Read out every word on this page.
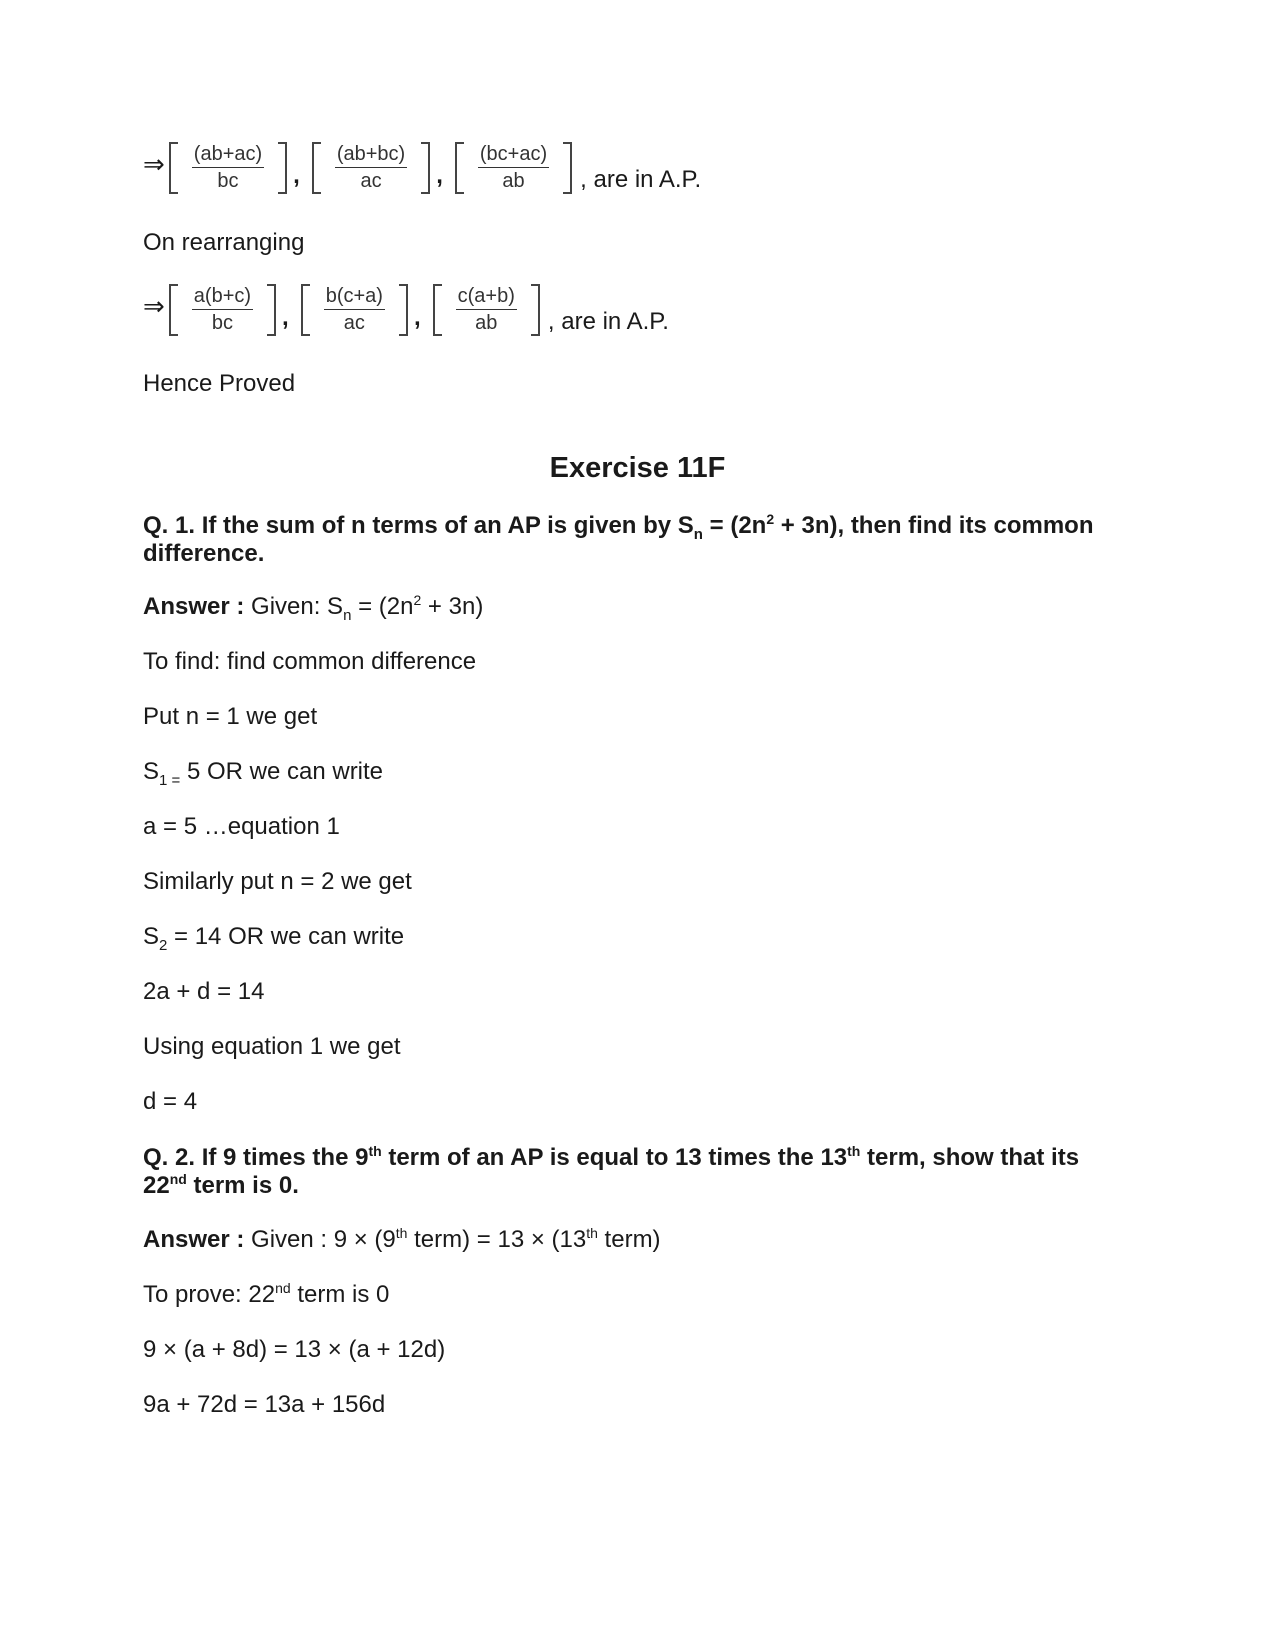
⇒ $\frac{(ab+ac)}{bc}$ , $\frac{(ab+bc)}{ac}$ , $\frac{(bc+ac)}{ab}$ , are in A.P.
On rearranging
⇒ $\frac{a(b+c)}{bc}$ , $\frac{b(c+a)}{ac}$ , $\frac{c(a+b)}{ab}$ , are in A.P.
Hence Proved
Exercise 11F
Q. 1. If the sum of n terms of an AP is given by $S_n = (2n^2 + 3n)$, then find its common difference.
Answer : Given: $S_n = (2n^2 + 3n)$
To find: find common difference
Put n = 1 we get
$S_{1 =}$ 5 OR we can write
a = 5 …equation 1
Similarly put n = 2 we get
$S_2 = 14$ OR we can write
2a + d = 14
Using equation 1 we get
d = 4
Q. 2. If 9 times the 9th term of an AP is equal to 13 times the 13th term, show that its 22nd term is 0.
Answer : Given : 9 × (9th term) = 13 × (13th term)
To prove: 22nd term is 0
9 × (a + 8d) = 13 × (a + 12d)
9a + 72d = 13a + 156d
